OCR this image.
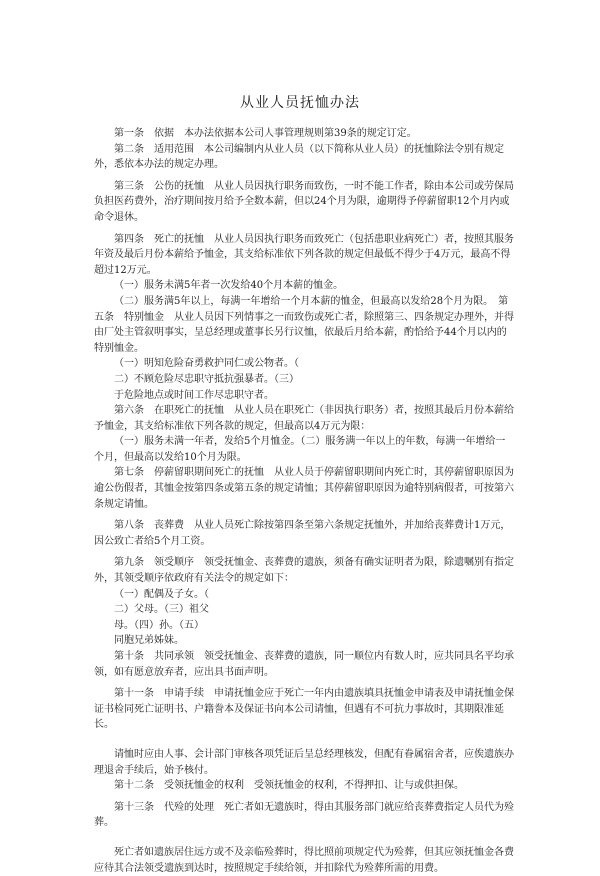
从业人员抚恤办法

第一条　依据　本办法依据本公司人事管理规则第39条的规定订定。

第二条　适用范围　本公司编制内从业人员（以下简称从业人员）的抚恤除法令别有规定外，悉依本办法的规定办理。

第三条　公伤的抚恤　从业人员因执行职务而致伤，一时不能工作者，除由本公司或劳保局负担医药费外，治疗期间按月给予全数本薪，但以24个月为限，逾期得予停薪留职12个月内或命令退休。

第四条　死亡的抚恤　从业人员因执行职务而致死亡（包括患职业病死亡）者，按照其服务年资及最后月份本薪给予恤金，其支给标准依下列各款的规定但最低不得少于4万元，最高不得超过12万元。

（一）服务未满5年者一次发给40个月本薪的恤金。

（二）服务满5年以上，每满一年增给一个月本薪的恤金，但最高以发给28个月为限。　第五条　特别恤金　从业人员因下列情事之一而致伤或死亡者，除照第三、四条规定办理外，并得由厂处主管叙明事实，呈总经理或董事长另行议恤，依最后月给本薪，酌恰给予44个月以内的特别恤金。

（一）明知危险奋勇救护同仁或公物者。（

二）不顾危险尽忠职守抵抗强暴者。（三）

于危险地点或时间工作尽忠职守者。

第六条　在职死亡的抚恤　从业人员在职死亡（非因执行职务）者，按照其最后月份本薪给予恤金，其支给标准依下列各款的规定，但最高以4万元为限：

（一）服务未满一年者，发给5个月恤金。（二）服务满一年以上的年数，每满一年增给一个月，但最高以发给10个月为限。

第七条　停薪留职期间死亡的抚恤　从业人员于停薪留职期间内死亡时，其停薪留职原因为逾公伤假者，其恤金按第四条或第五条的规定请恤；其停薪留职原因为逾特别病假者，可按第六条规定请恤。

第八条　丧葬费　从业人员死亡除按第四条至第六条规定抚恤外，并加给丧葬费计1万元，因公致亡者给5个月工资。

第九条　领受顺序　领受抚恤金、丧葬费的遗族，须备有确实证明者为限，除遗嘱别有指定外，其领受顺序依政府有关法令的规定如下：

（一）配偶及子女。（

二）父母。（三）祖父

母。（四）孙。（五）

同胞兄弟姊妹。

第十条　共同承领　领受抚恤金、丧葬费的遗族，同一顺位内有数人时，应共同具名平均承领，如有愿意放弃者，应出具书面声明。

第十一条　申请手续　申请抚恤金应于死亡一年内由遗族填具抚恤金申请表及申请抚恤金保证书检同死亡证明书、户籍誊本及保证书向本公司请恤，但遇有不可抗力事故时，其期限准延长。

请恤时应由人事、会计部门审核各项凭证后呈总经理核发，但配有眷属宿舍者，应俟遗族办理退舍手续后，始予核付。

第十二条　受领抚恤金的权利　受领抚恤金的权利，不得押扣、让与或供担保。

第十三条　代殓的处理　死亡者如无遗族时，得由其服务部门就应给丧葬费指定人员代为殓葬。

死亡者如遗族居住远方或不及亲临殓葬时，得比照前项规定代为殓葬，但其应领抚恤金各费应待其合法领受遗族到达时，按照规定手续给领，并扣除代为殓葬所需的用费。
